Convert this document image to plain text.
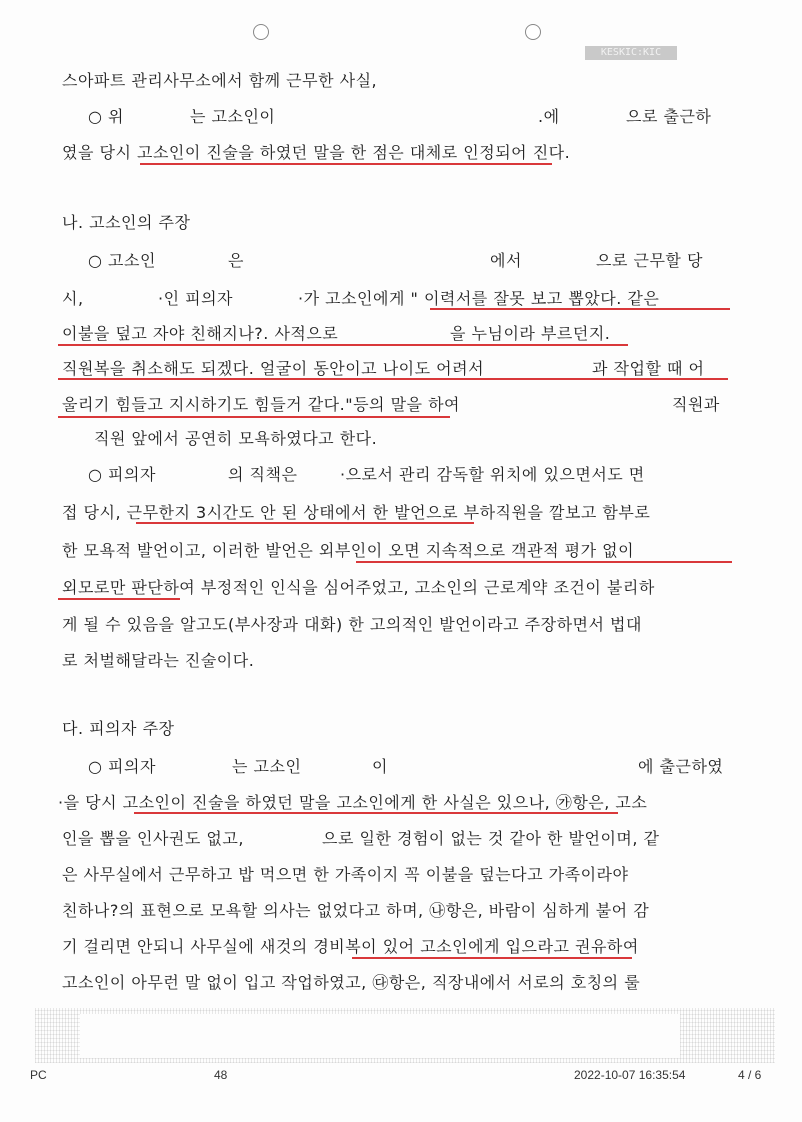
KESKIC:KIC
스아파트 관리사무소에서 함께 근무한 사실,
○ 위	는 고소인이	.에	으로 출근하
였을 당시 고소인이 진술을 하였던 말을 한 점은 대체로 인정되어 진다.
나. 고소인의 주장
○ 고소인	은	에서	으로 근무할 당
시,	·인 피의자	·가 고소인에게 " 이력서를 잘못 보고 뽑았다. 같은
이불을 덮고 자야 친해지나?. 사적으로	을 누님이라 부르던지.
직원복을 취소해도 되겠다. 얼굴이 동안이고 나이도 어려서	과 작업할 때 어
울리기 힘들고 지시하기도 힘들거 같다."등의 말을 하여	직원과
직원 앞에서 공연히 모욕하였다고 한다.
○ 피의자	의 직책은	·으로서 관리 감독할 위치에 있으면서도 면
접 당시, 근무한지 3시간도 안 된 상태에서 한 발언으로 부하직원을 깔보고 함부로
한 모욕적 발언이고, 이러한 발언은 외부인이 오면 지속적으로 객관적 평가 없이
외모로만 판단하여 부정적인 인식을 심어주었고, 고소인의 근로계약 조건이 불리하
게 될 수 있음을 알고도(부사장과 대화) 한 고의적인 발언이라고 주장하면서 법대
로 처벌해달라는 진술이다.
다. 피의자 주장
○ 피의자	는 고소인	이	에 출근하였
·을 당시 고소인이 진술을 하였던 말을 고소인에게 한 사실은 있으나, ㉮항은, 고소
인을 뽑을 인사권도 없고,	으로 일한 경험이 없는 것 같아 한 발언이며, 같
은 사무실에서 근무하고 밥 먹으면 한 가족이지 꼭 이불을 덮는다고 가족이라야
친하나?의 표현으로 모욕할 의사는 없었다고 하며, ㉯항은, 바람이 심하게 불어 감
기 걸리면 안되니 사무실에 새것의 경비복이 있어 고소인에게 입으라고 권유하여
고소인이 아무런 말 없이 입고 작업하였고, ㉰항은, 직장내에서 서로의 호칭의 룰
PC	48	2022-10-07 16:35:54	4 / 6
